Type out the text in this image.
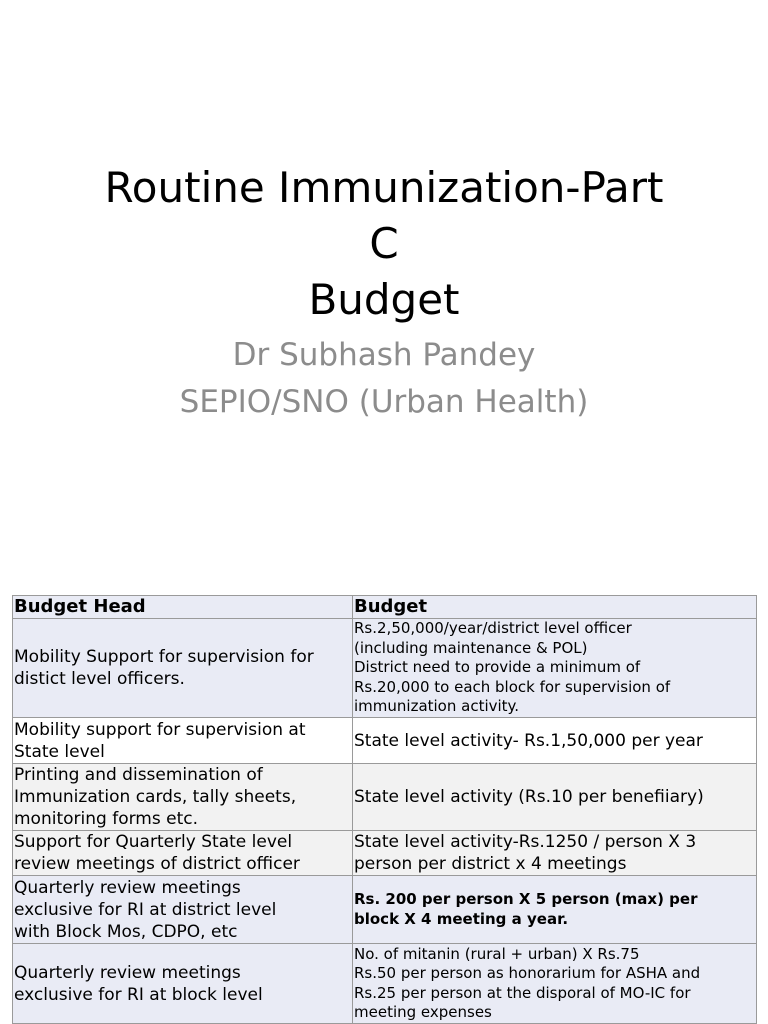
Routine Immunization-Part
C
Budget
Dr Subhash Pandey
SEPIO/SNO (Urban Health)
Budget Head	Budget

Mobility Support for supervision for
distict level officers.	Rs.2,50,000/year/district level officer
(including maintenance & POL)
District need to provide a minimum of
Rs.20,000 to each block for supervision of
immunization activity.

Mobility support for supervision at
State level	State level activity- Rs.1,50,000 per year

Printing and dissemination of
Immunization cards, tally sheets,
monitoring forms etc.	State level activity (Rs.10 per benefiiary)

Support for Quarterly State level
review meetings of district officer	State level activity-Rs.1250 / person X 3
person per district x 4 meetings

Quarterly review meetings
exclusive for RI at district level
with Block Mos, CDPO, etc	Rs. 200 per person X 5 person (max) per
block X 4 meeting a year.

Quarterly review meetings
exclusive for RI at block level	No. of mitanin (rural + urban) X Rs.75
Rs.50 per person as honorarium for ASHA and
Rs.25 per person at the disporal of MO-IC for
meeting expenses
